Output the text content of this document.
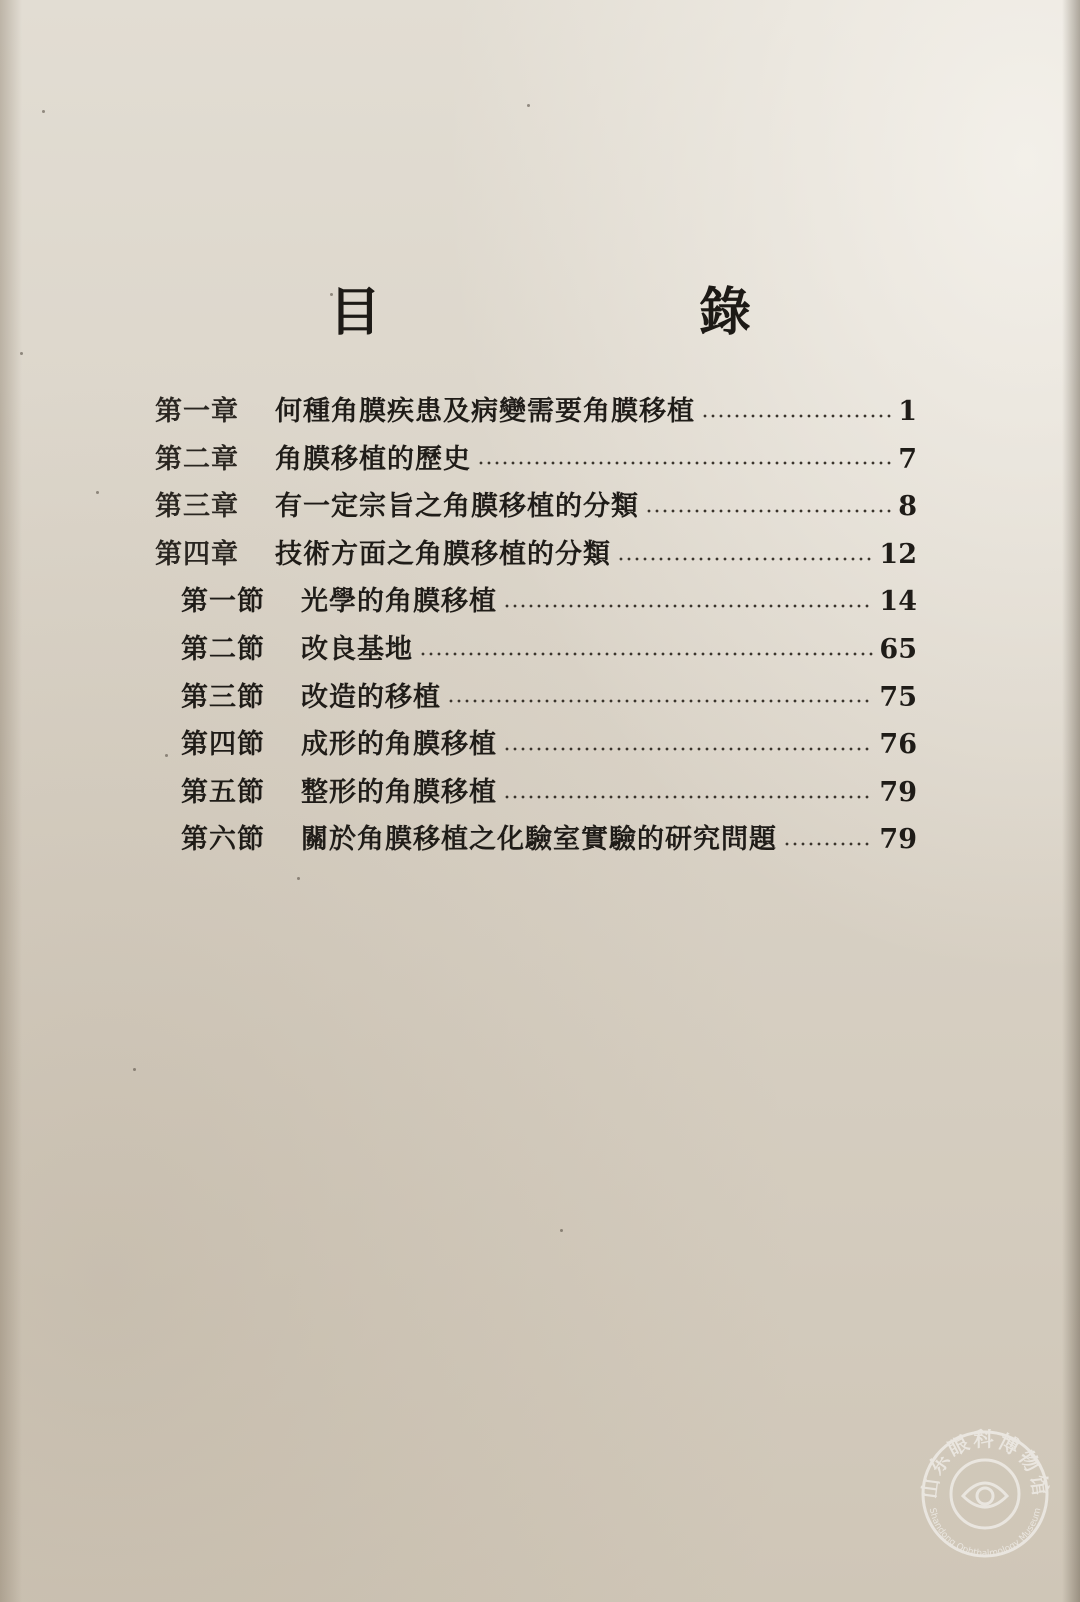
目 錄
第一章	何種角膜疾患及病變需要角膜移植	1
第二章	角膜移植的歷史	7
第三章	有一定宗旨之角膜移植的分類	8
第四章	技術方面之角膜移植的分類	12
第一節	光學的角膜移植	14
第二節	改良基地	65
第三節	改造的移植	75
第四節	成形的角膜移植	76
第五節	整形的角膜移植	79
第六節	關於角膜移植之化驗室實驗的研究問題	79
山东眼科博物馆
Shandong Ophthalmology Museum
